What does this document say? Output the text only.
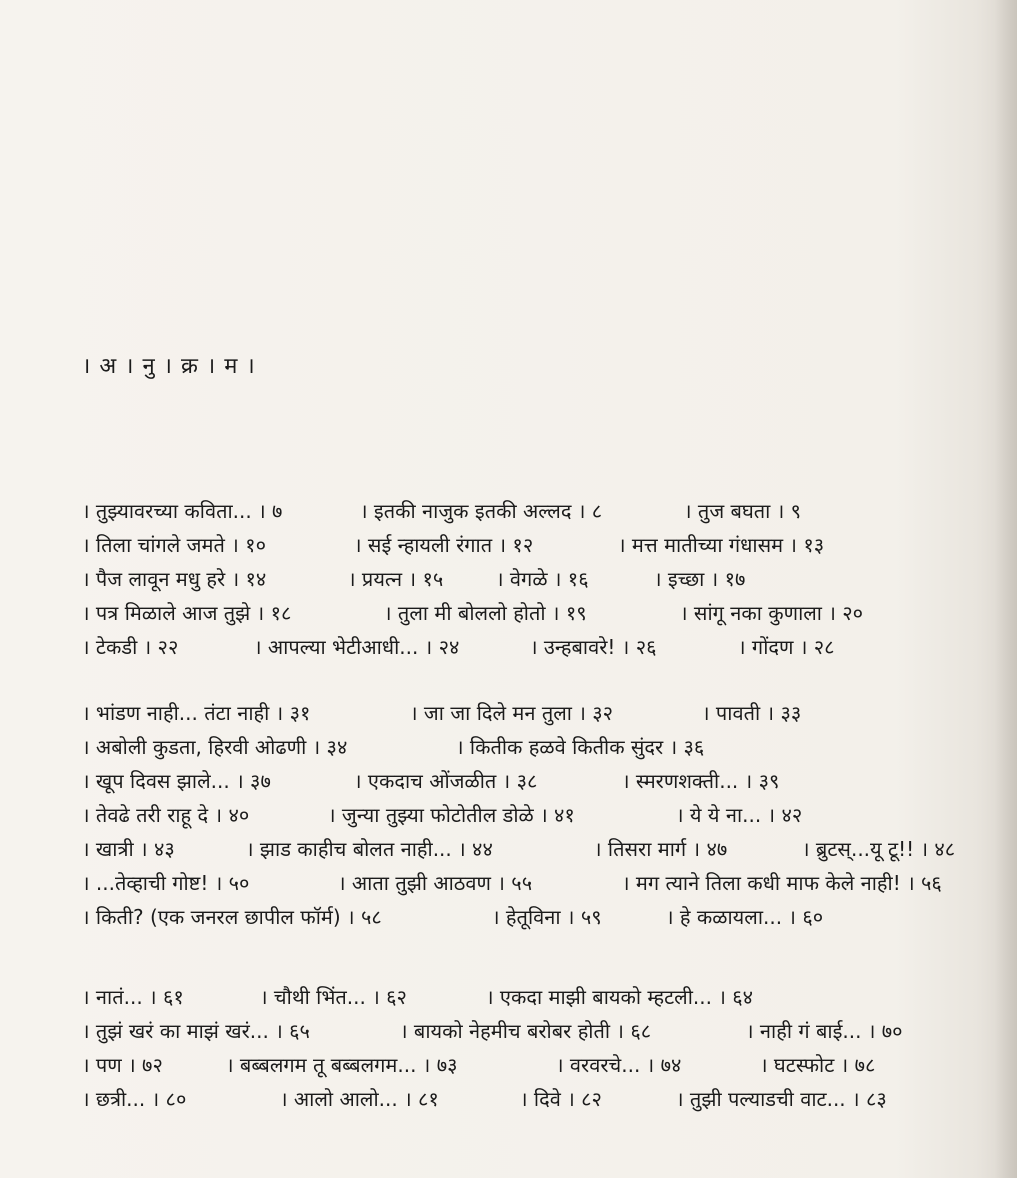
। अ । नु । क्र । म ।
। तुझ्यावरच्या कविता... । ७	। इतकी नाजुक इतकी अल्लद । ८	। तुज बघता । ९
। तिला चांगले जमते । १०	। सई न्हायली रंगात । १२	। मत्त मातीच्या गंधासम । १३
। पैज लावून मधु हरे । १४	। प्रयत्न । १५	। वेगळे । १६	। इच्छा । १७
। पत्र मिळाले आज तुझे । १८	। तुला मी बोललो होतो । १९	। सांगू नका कुणाला । २०
। टेकडी । २२	। आपल्या भेटीआधी... । २४	। उन्हबावरे! । २६	। गोंदण । २८
। भांडण नाही... तंटा नाही । ३१	। जा जा दिले मन तुला । ३२	। पावती । ३३
। अबोली कुडता, हिरवी ओढणी । ३४	। कितीक हळवे कितीक सुंदर । ३६
। खूप दिवस झाले... । ३७	। एकदाच ओंजळीत । ३८	। स्मरणशक्ती... । ३९
। तेवढे तरी राहू दे । ४०	। जुन्या तुझ्या फोटोतील डोळे । ४१	। ये ये ना... । ४२
। खात्री । ४३	। झाड काहीच बोलत नाही... । ४४	। तिसरा मार्ग । ४७	। ब्रुटस्...यू टू!! । ४८
। ...तेव्हाची गोष्ट! । ५०	। आता तुझी आठवण । ५५	। मग त्याने तिला कधी माफ केले नाही! । ५६
। किती? (एक जनरल छापील फॉर्म) । ५८	। हेतूविना । ५९	। हे कळायला... । ६०
। नातं... । ६१	। चौथी भिंत... । ६२	। एकदा माझी बायको म्हटली... । ६४
। तुझं खरं का माझं खरं... । ६५	। बायको नेहमीच बरोबर होती । ६८	। नाही गं बाई... । ७०
। पण । ७२	। बब्बलगम तू बब्बलगम... । ७३	। वरवरचे... । ७४	। घटस्फोट । ७८
। छत्री... । ८०	। आलो आलो... । ८१	। दिवे । ८२	। तुझी पल्याडची वाट... । ८३
